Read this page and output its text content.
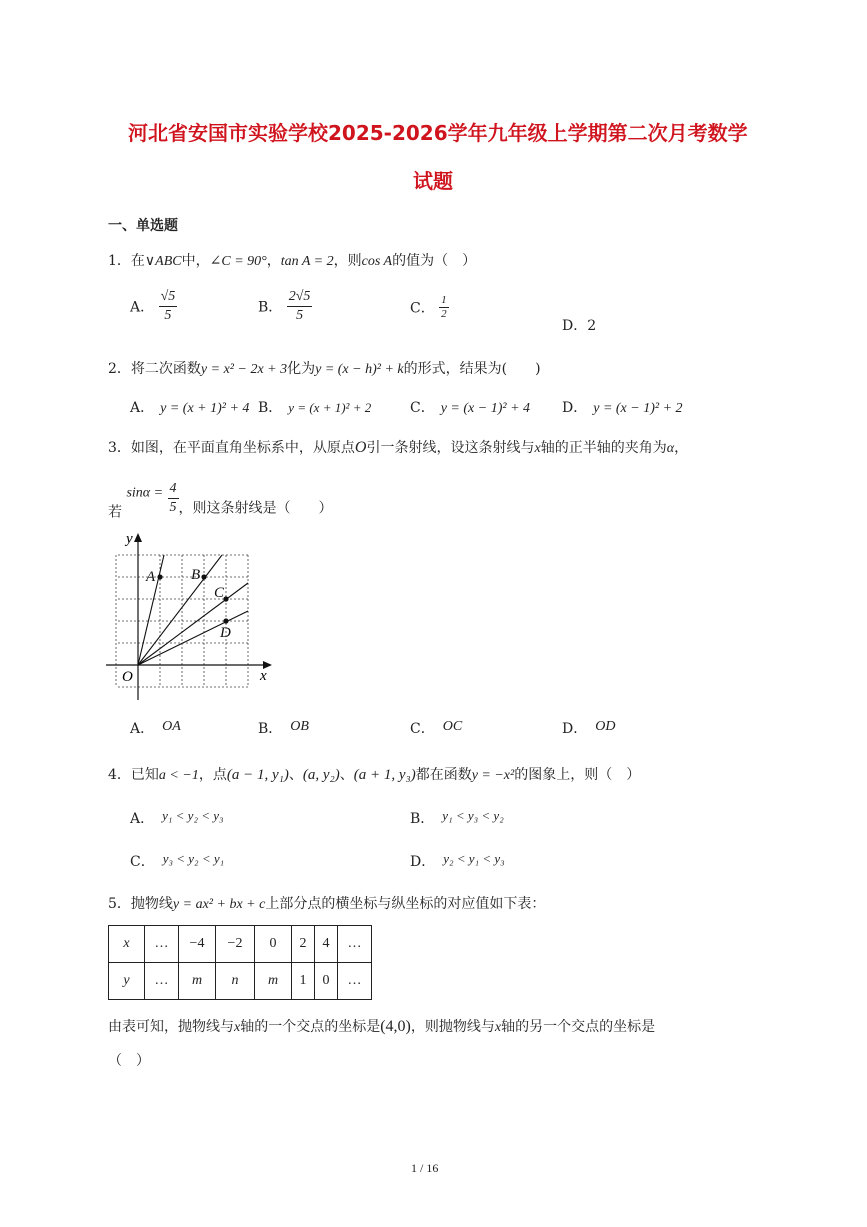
河北省安国市实验学校2025-2026学年九年级上学期第二次月考数学
试题
一、单选题
1．在∨ABC中，∠C = 90°，tan A = 2，则cos A的值为（　）
A． $\frac{√5}{5}$	B． $\frac{2√5}{5}$	C． $\frac{1}{2}$
D．2
2．将二次函数y = x² − 2x + 3化为y = (x − h)² + k的形式，结果为(　　)
A． y = (x + 1)² + 4 B． y = (x + 1)² + 2	C． y = (x − 1)² + 4 D． y = (x − 1)² + 2
3．如图，在平面直角坐标系中，从原点O引一条射线，设这条射线与x轴的正半轴的夹角为α，
若 $\sin\alpha = \frac{4}{5}$ ，则这条射线是（　　）
y
x
O
A B
C
D
A． OA	B． OB	C． OC	D． OD
4．已知a < −1，点(a − 1, y₁)、(a, y₂)、(a + 1, y₃)都在函数y = −x²的图象上，则（　）
A． y₁ < y₂ < y₃	B． y₁ < y₃ < y₂
C． y₃ < y₂ < y₁	D． y₂ < y₁ < y₃
5．抛物线y = ax² + bx + c上部分点的横坐标与纵坐标的对应值如下表：
x	…	−4	−2	0	2	4	…
y	…	m	n	m	1	0	…
由表可知，抛物线与x轴的一个交点的坐标是(4,0)，则抛物线与x轴的另一个交点的坐标是
（　）
1 / 16
